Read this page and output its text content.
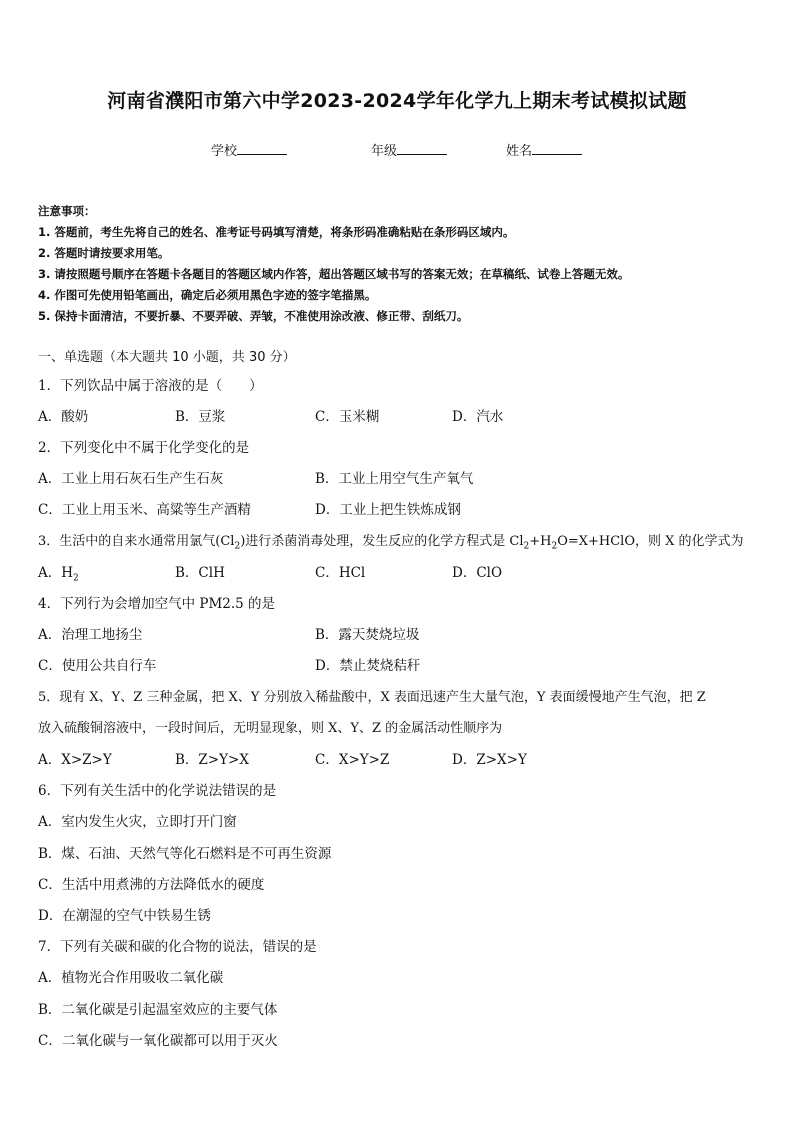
河南省濮阳市第六中学2023-2024学年化学九上期末考试模拟试题
学校	年级	姓名
注意事项：
1. 答题前，考生先将自己的姓名、准考证号码填写清楚，将条形码准确粘贴在条形码区域内。
2. 答题时请按要求用笔。
3. 请按照题号顺序在答题卡各题目的答题区域内作答，超出答题区域书写的答案无效；在草稿纸、试卷上答题无效。
4. 作图可先使用铅笔画出，确定后必须用黑色字迹的签字笔描黑。
5. 保持卡面清洁，不要折暴、不要弄破、弄皱，不准使用涂改液、修正带、刮纸刀。
一、单选题（本大题共 10 小题，共 30 分）
1．下列饮品中属于溶液的是（　　）
A．酸奶	B．豆浆	C．玉米糊	D．汽水
2．下列变化中不属于化学变化的是
A．工业上用石灰石生产生石灰	B．工业上用空气生产氧气
C．工业上用玉米、高粱等生产酒精	D．工业上把生铁炼成钢
3．生活中的自来水通常用氯气$(Cl_2)$进行杀菌消毒处理，发生反应的化学方程式是 $Cl_2+H_2O=X+HClO$，则 X 的化学式为
A．$H_2$	B．ClH	C．HCl	D．ClO
4．下列行为会增加空气中 PM2.5 的是
A．治理工地扬尘	B．露天焚烧垃圾
C．使用公共自行车	D．禁止焚烧秸秆
5．现有 X、Y、Z 三种金属，把 X、Y 分别放入稀盐酸中，X 表面迅速产生大量气泡，Y 表面缓慢地产生气泡，把 Z
放入硫酸铜溶液中，一段时间后，无明显现象，则 X、Y、Z 的金属活动性顺序为
A．X>Z>Y	B．Z>Y>X	C．X>Y>Z	D．Z>X>Y
6．下列有关生活中的化学说法错误的是
A．室内发生火灾，立即打开门窗
B．煤、石油、天然气等化石燃料是不可再生资源
C．生活中用煮沸的方法降低水的硬度
D．在潮湿的空气中铁易生锈
7．下列有关碳和碳的化合物的说法，错误的是
A．植物光合作用吸收二氧化碳
B．二氧化碳是引起温室效应的主要气体
C．二氧化碳与一氧化碳都可以用于灭火
